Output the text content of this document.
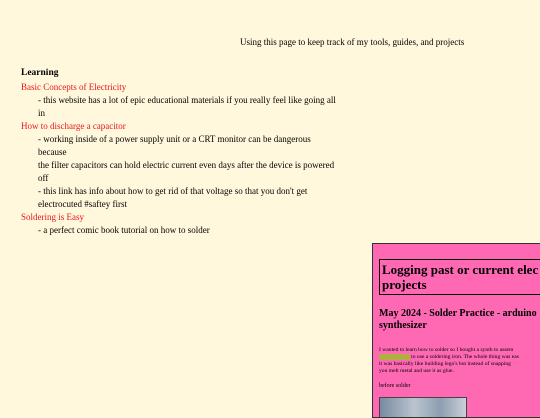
Using this page to keep track of my tools, guides, and projects
Learning
Basic Concepts of Electricity

- this website has a lot of epic educational materials if you really feel like going all
in

How to discharge a capacitor

- working inside of a power supply unit or a CRT monitor can be dangerous because
the filter capacitors can hold electric current even days after the device is powered
off
- this link has info about how to get rid of that voltage so that you don't get
electrocuted #saftey first

Soldering is Easy

- a perfect comic book tutorial on how to solder

Logging past or current elec projects
May 2024 - Solder Practice - arduino synthesizer
I wanted to learn how to solder so I bought a synth to assem
xxxxxxxxxxx to use a soldering iron. The whole thing was eas
it was basically like building lego's but instead of snapping
you melt metal and use it as glue.
before solder
